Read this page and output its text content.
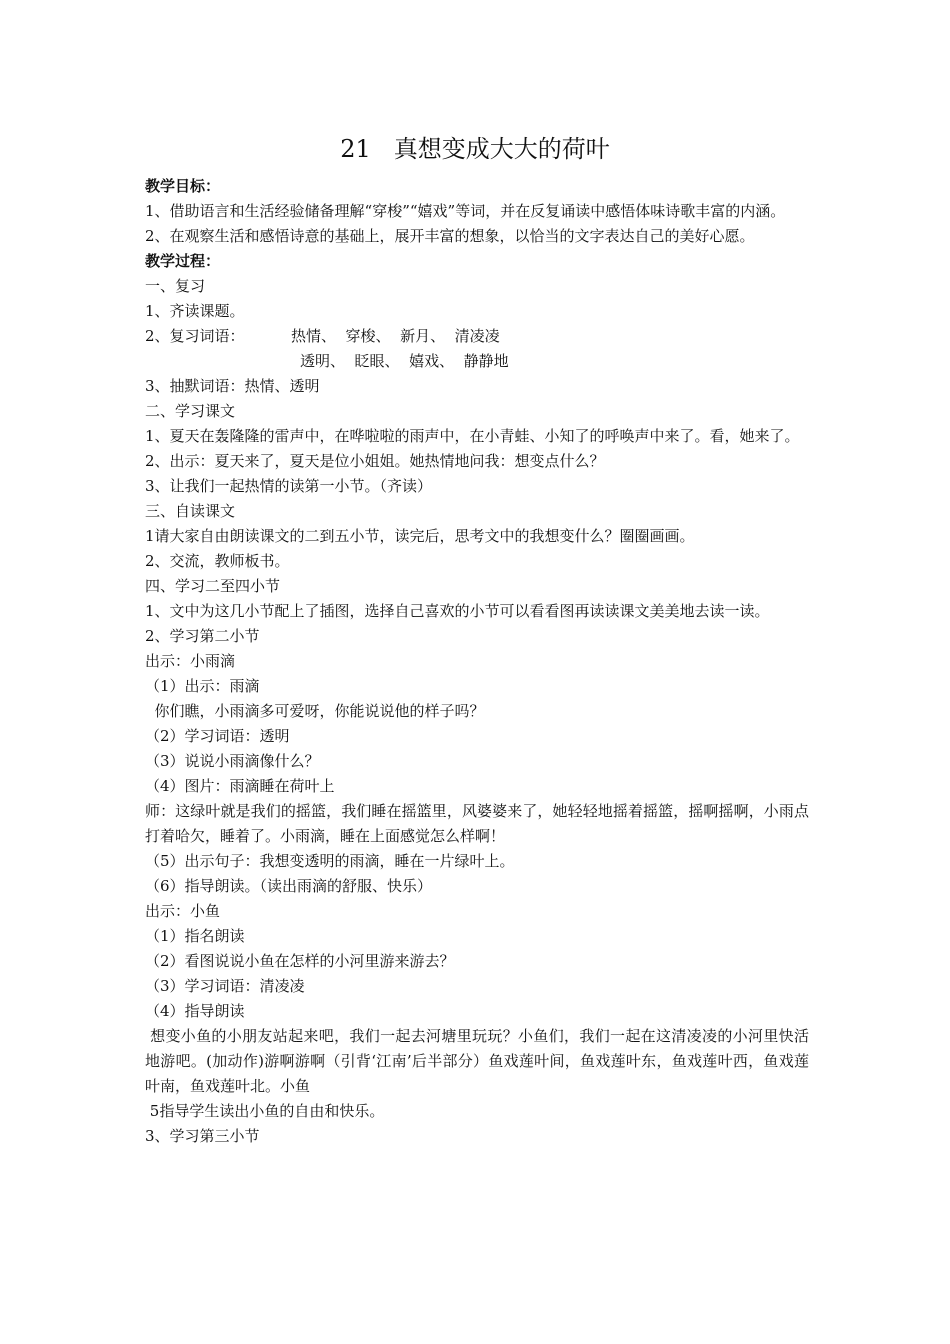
21   真想变成大大的荷叶

教学目标：

1、借助语言和生活经验储备理解“穿梭”“嬉戏”等词，并在反复诵读中感悟体味诗歌丰富的内涵。

2、在观察生活和感悟诗意的基础上，展开丰富的想象，以恰当的文字表达自己的美好心愿。

教学过程：

一、复习

1、齐读课题。

2、复习词语：	热情、  穿梭、  新月、  清凌凌
透明、  眨眼、  嬉戏、  静静地

3、抽默词语：热情、透明

二、学习课文

1、夏天在轰隆隆的雷声中，在哗啦啦的雨声中，在小青蛙、小知了的呼唤声中来了。看，她来了。

2、出示：夏天来了，夏天是位小姐姐。她热情地问我：想变点什么？

3、让我们一起热情的读第一小节。（齐读）

三、自读课文

1请大家自由朗读课文的二到五小节，读完后，思考文中的我想变什么？圈圈画画。

2、交流，教师板书。

四、学习二至四小节

1、文中为这几小节配上了插图，选择自己喜欢的小节可以看看图再读读课文美美地去读一读。

2、学习第二小节

出示：小雨滴

（1）出示：雨滴

你们瞧，小雨滴多可爱呀，你能说说他的样子吗？

（2）学习词语：透明

（3）说说小雨滴像什么？

（4）图片：雨滴睡在荷叶上

师：这绿叶就是我们的摇篮，我们睡在摇篮里，风婆婆来了，她轻轻地摇着摇篮，摇啊摇啊，小雨点打着哈欠，睡着了。小雨滴，睡在上面感觉怎么样啊！

（5）出示句子：我想变透明的雨滴，睡在一片绿叶上。

（6）指导朗读。（读出雨滴的舒服、快乐）

出示：小鱼

（1）指名朗读

（2）看图说说小鱼在怎样的小河里游来游去？

（3）学习词语：清凌凌

（4）指导朗读

想变小鱼的小朋友站起来吧，我们一起去河塘里玩玩？小鱼们，我们一起在这清凌凌的小河里快活地游吧。(加动作)游啊游啊（引背‘江南’后半部分）鱼戏莲叶间，鱼戏莲叶东，鱼戏莲叶西，鱼戏莲叶南，鱼戏莲叶北。小鱼

5指导学生读出小鱼的自由和快乐。

3、学习第三小节
